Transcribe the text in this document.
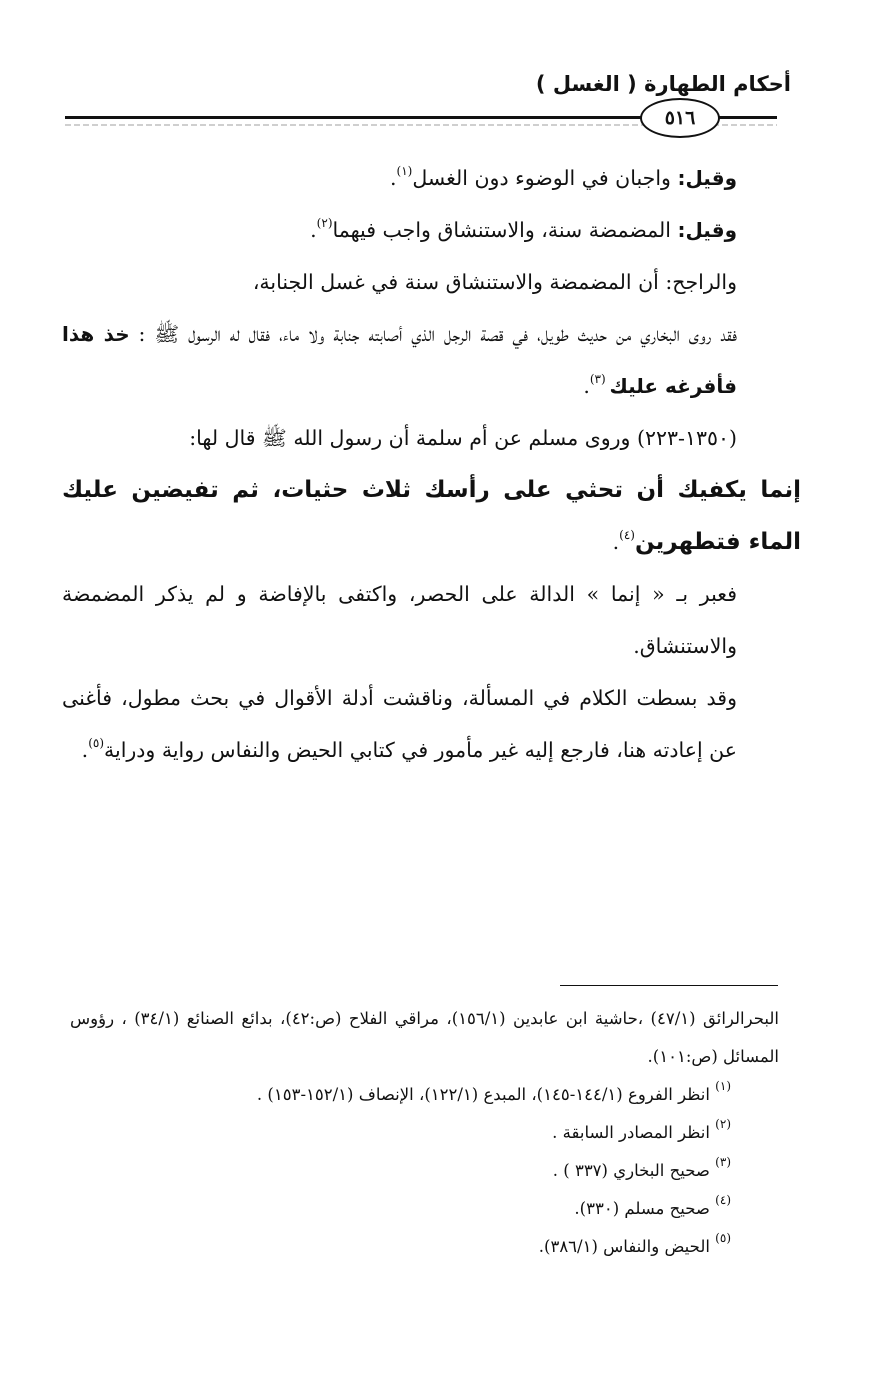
أحكام الطهارة ( الغسل )
٥١٦

وقيل: واجبان في الوضوء دون الغسل$^{(١)}$.

وقيل: المضمضة سنة، والاستنشاق واجب فيهما$^{(٢)}$.

والراجح: أن المضمضة والاستنشاق سنة في غسل الجنابة،

فقد روى البخاري من حديث طويل، في قصة الرجل الذي أصابته جنابة ولا ماء، فقال له الرسول ﷺ : خذ هذا فأفرغه عليك $^{(٣)}$.

(١٣٥٠-٢٢٣) وروى مسلم عن أم سلمة أن رسول الله ﷺ قال لها:

إنما يكفيك أن تحثي على رأسك ثلاث حثيات، ثم تفيضين عليك الماء فتطهرين$^{(٤)}$.

فعبر بـ « إنما » الدالة على الحصر، واكتفى بالإفاضة و لم يذكر المضمضة والاستنشاق.

وقد بسطت الكلام في المسألة، وناقشت أدلة الأقوال في بحث مطول، فأغنى عن إعادته هنا، فارجع إليه غير مأمور في كتابي الحيض والنفاس رواية ودراية$^{(٥)}$.

البحرالرائق (٤٧/١) ،حاشية ابن عابدين (١٥٦/١)، مراقي الفلاح (ص:٤٢)، بدائع الصنائع (٣٤/١) ، رؤوس المسائل (ص:١٠١).

$^{(١)}$ انظر الفروع (١٤٤/١-١٤٥)، المبدع (١٢٢/١)، الإنصاف (١٥٢/١-١٥٣) .

$^{(٢)}$ انظر المصادر السابقة .

$^{(٣)}$ صحيح البخاري (٣٣٧ ) .

$^{(٤)}$ صحيح مسلم (٣٣٠).

$^{(٥)}$ الحيض والنفاس (٣٨٦/١).
